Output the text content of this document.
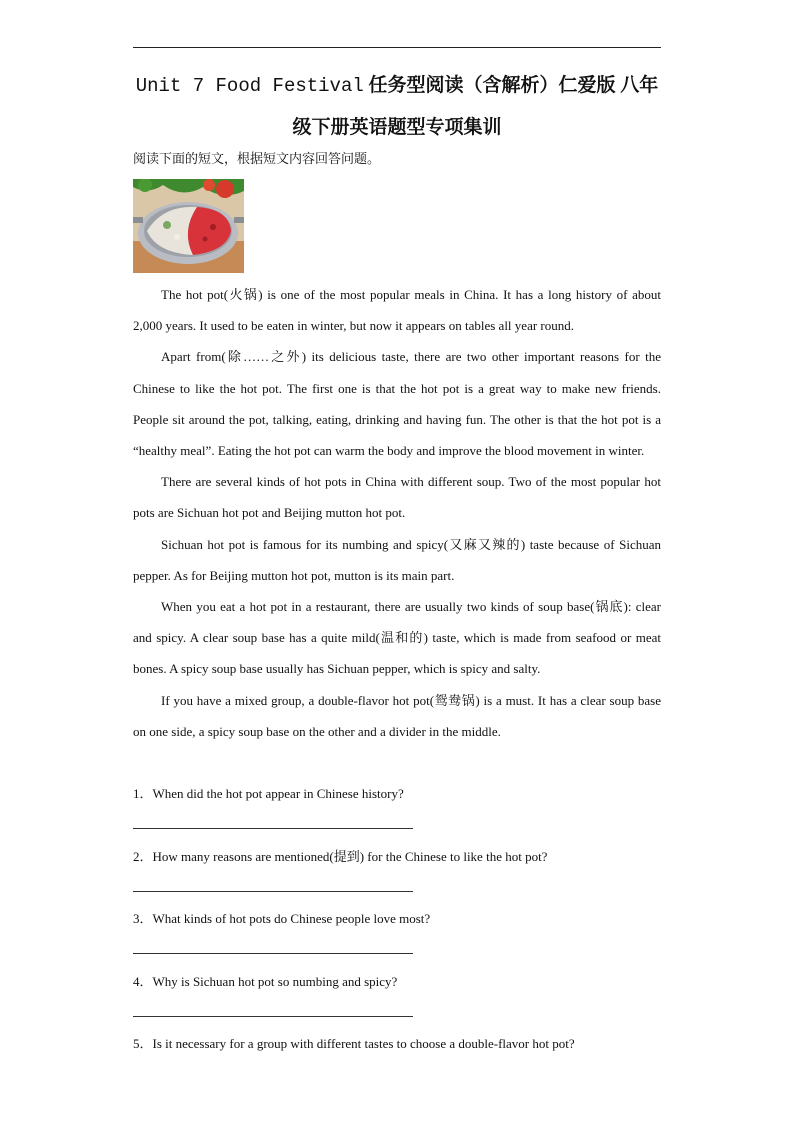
Unit 7 Food Festival 任务型阅读（含解析）仁爱版 八年
级下册英语题型专项集训
阅读下面的短文，根据短文内容回答问题。

The hot pot(火锅) is one of the most popular meals in China. It has a long history of about 2,000 years. It used to be eaten in winter, but now it appears on tables all year round.

Apart from(除……之外) its delicious taste, there are two other important reasons for the Chinese to like the hot pot. The first one is that the hot pot is a great way to make new friends. People sit around the pot, talking, eating, drinking and having fun. The other is that the hot pot is a “healthy meal”. Eating the hot pot can warm the body and improve the blood movement in winter.

There are several kinds of hot pots in China with different soup. Two of the most popular hot pots are Sichuan hot pot and Beijing mutton hot pot.

Sichuan hot pot is famous for its numbing and spicy(又麻又辣的) taste because of Sichuan pepper. As for Beijing mutton hot pot, mutton is its main part.

When you eat a hot pot in a restaurant, there are usually two kinds of soup base(锅底): clear and spicy. A clear soup base has a quite mild(温和的) taste, which is made from seafood or meat bones. A spicy soup base usually has Sichuan pepper, which is spicy and salty.

If you have a mixed group, a double-flavor hot pot(鸳鸯锅) is a must. It has a clear soup base on one side, a spicy soup base on the other and a divider in the middle.

1．When did the hot pot appear in Chinese history?
2．How many reasons are mentioned(提到) for the Chinese to like the hot pot?
3．What kinds of hot pots do Chinese people love most?
4．Why is Sichuan hot pot so numbing and spicy?
5．Is it necessary for a group with different tastes to choose a double-flavor hot pot?
